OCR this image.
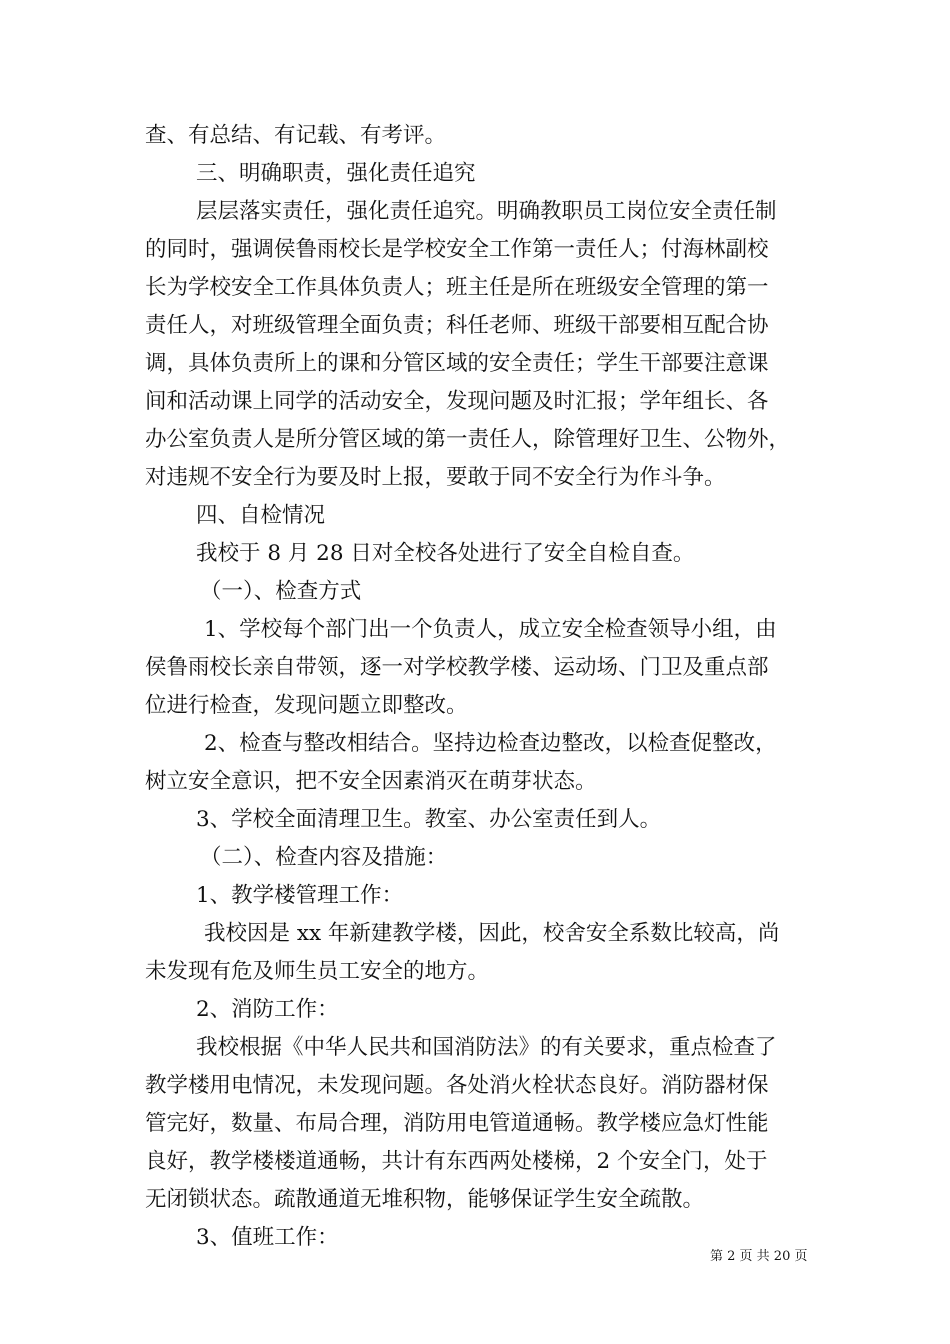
查、有总结、有记载、有考评。
三、明确职责，强化责任追究
层层落实责任，强化责任追究。明确教职员工岗位安全责任制
的同时，强调侯鲁雨校长是学校安全工作第一责任人；付海林副校
长为学校安全工作具体负责人；班主任是所在班级安全管理的第一
责任人，对班级管理全面负责；科任老师、班级干部要相互配合协
调，具体负责所上的课和分管区域的安全责任；学生干部要注意课
间和活动课上同学的活动安全，发现问题及时汇报；学年组长、各
办公室负责人是所分管区域的第一责任人，除管理好卫生、公物外，
对违规不安全行为要及时上报，要敢于同不安全行为作斗争。
四、自检情况
我校于 8 月 28 日对全校各处进行了安全自检自查。
（一）、检查方式
1、学校每个部门出一个负责人，成立安全检查领导小组，由
侯鲁雨校长亲自带领，逐一对学校教学楼、运动场、门卫及重点部
位进行检查，发现问题立即整改。
2、检查与整改相结合。坚持边检查边整改，以检查促整改，
树立安全意识，把不安全因素消灭在萌芽状态。
3、学校全面清理卫生。教室、办公室责任到人。
（二）、检查内容及措施：
1、教学楼管理工作：
我校因是 xx 年新建教学楼，因此，校舍安全系数比较高，尚
未发现有危及师生员工安全的地方。
2、消防工作：
我校根据《中华人民共和国消防法》的有关要求，重点检查了
教学楼用电情况，未发现问题。各处消火栓状态良好。消防器材保
管完好，数量、布局合理，消防用电管道通畅。教学楼应急灯性能
良好，教学楼楼道通畅，共计有东西两处楼梯，2 个安全门，处于
无闭锁状态。疏散通道无堆积物，能够保证学生安全疏散。
3、值班工作：
第 2 页 共 20 页
